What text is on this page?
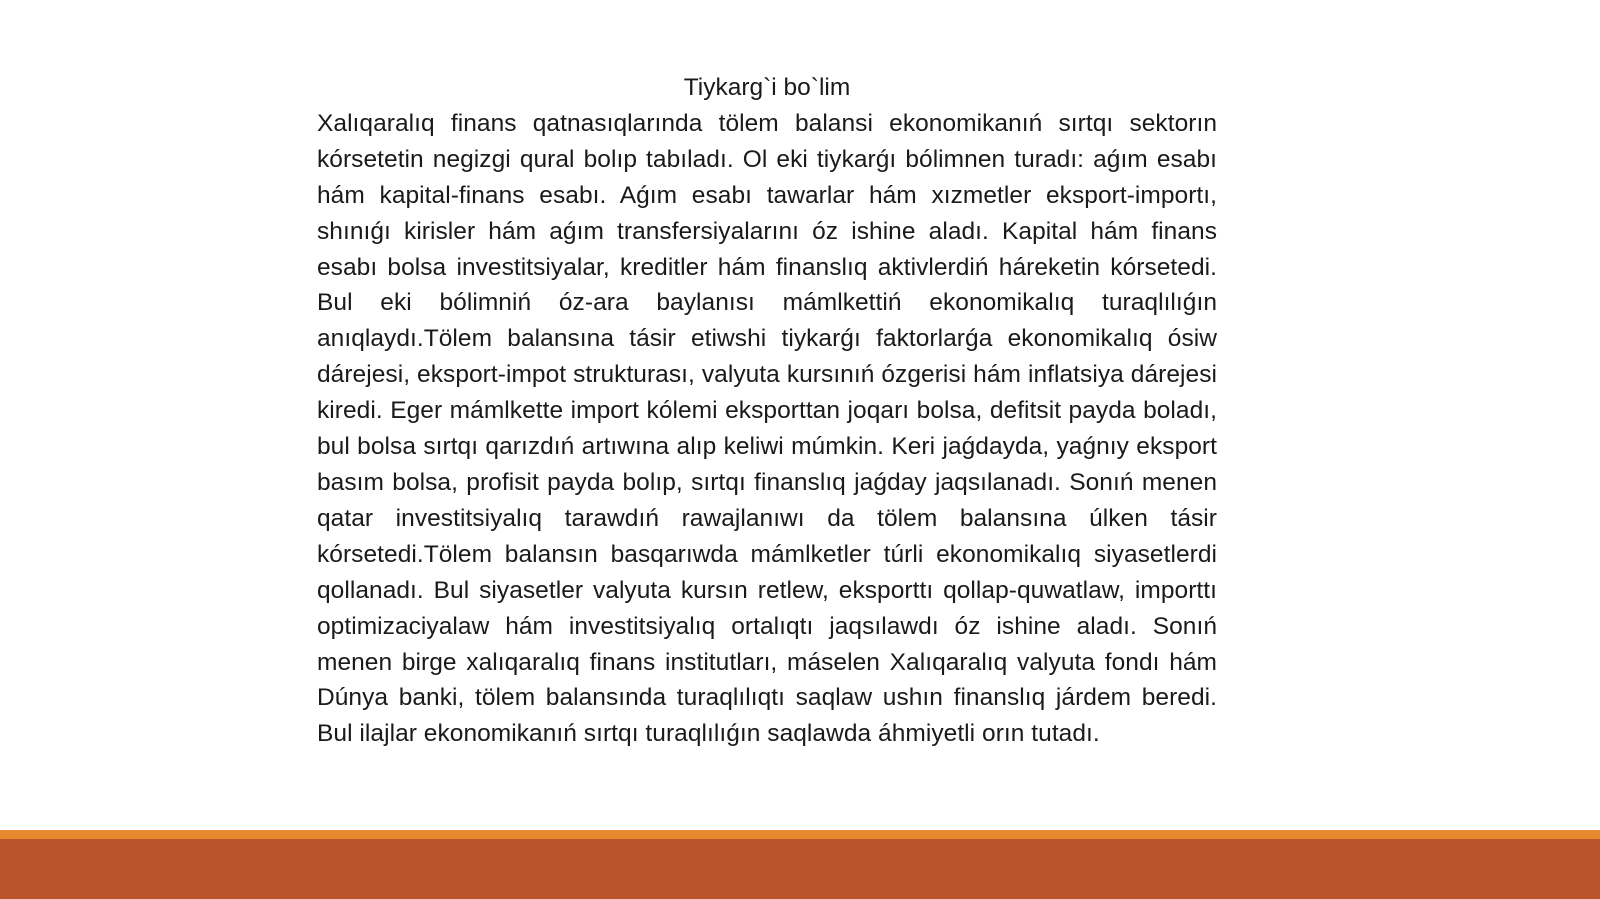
Tiykarg`i bo`lim

Xalıqaralıq finans qatnasıqlarında tölem balansi ekonomikanıń sırtqı sektorın kórsetetin negizgi qural bolıp tabıladı. Ol eki tiykarǵı bólimnen turadı: aǵım esabı hám kapital-finans esabı. Aǵım esabı tawarlar hám xızmetler eksport-importı, shınıǵı kirisler hám aǵım transfersiyalarını óz ishine aladı. Kapital hám finans esabı bolsa investitsiyalar, kreditler hám finanslıq aktivlerdiń háreketin kórsetedi. Bul eki bólimniń óz-ara baylanısı mámlkettiń ekonomikalıq turaqlılıǵın anıqlaydı.Tölem balansına tásir etiwshi tiykarǵı faktorlarǵa ekonomikalıq ósiw dárejesi, eksport-impot strukturası, valyuta kursınıń ózgerisi hám inflatsiya dárejesi kiredi. Eger mámlkette import kólemi eksporttan joqarı bolsa, defitsit payda boladı, bul bolsa sırtqı qarızdıń artıwına alıp keliwi múmkin. Keri jaǵdayda, yaǵnıy eksport basım bolsa, profisit payda bolıp, sırtqı finanslıq jaǵday jaqsılanadı. Sonıń menen qatar investitsiyalıq tarawdıń rawajlanıwı da tölem balansına úlken tásir kórsetedi.Tölem balansın basqarıwda mámlketler túrli ekonomikalıq siyasetlerdi qollanadı. Bul siyasetler valyuta kursın retlew, eksporttı qollap-quwatlaw, importtı optimizaciyalaw hám investitsiyalıq ortalıqtı jaqsılawdı óz ishine aladı. Sonıń menen birge xalıqaralıq finans institutları, máselen Xalıqaralıq valyuta fondı hám Dúnya banki, tölem balansında turaqlılıqtı saqlaw ushın finanslıq járdem beredi. Bul ilajlar ekonomikanıń sırtqı turaqlılıǵın saqlawda áhmiyetli orın tutadı.
